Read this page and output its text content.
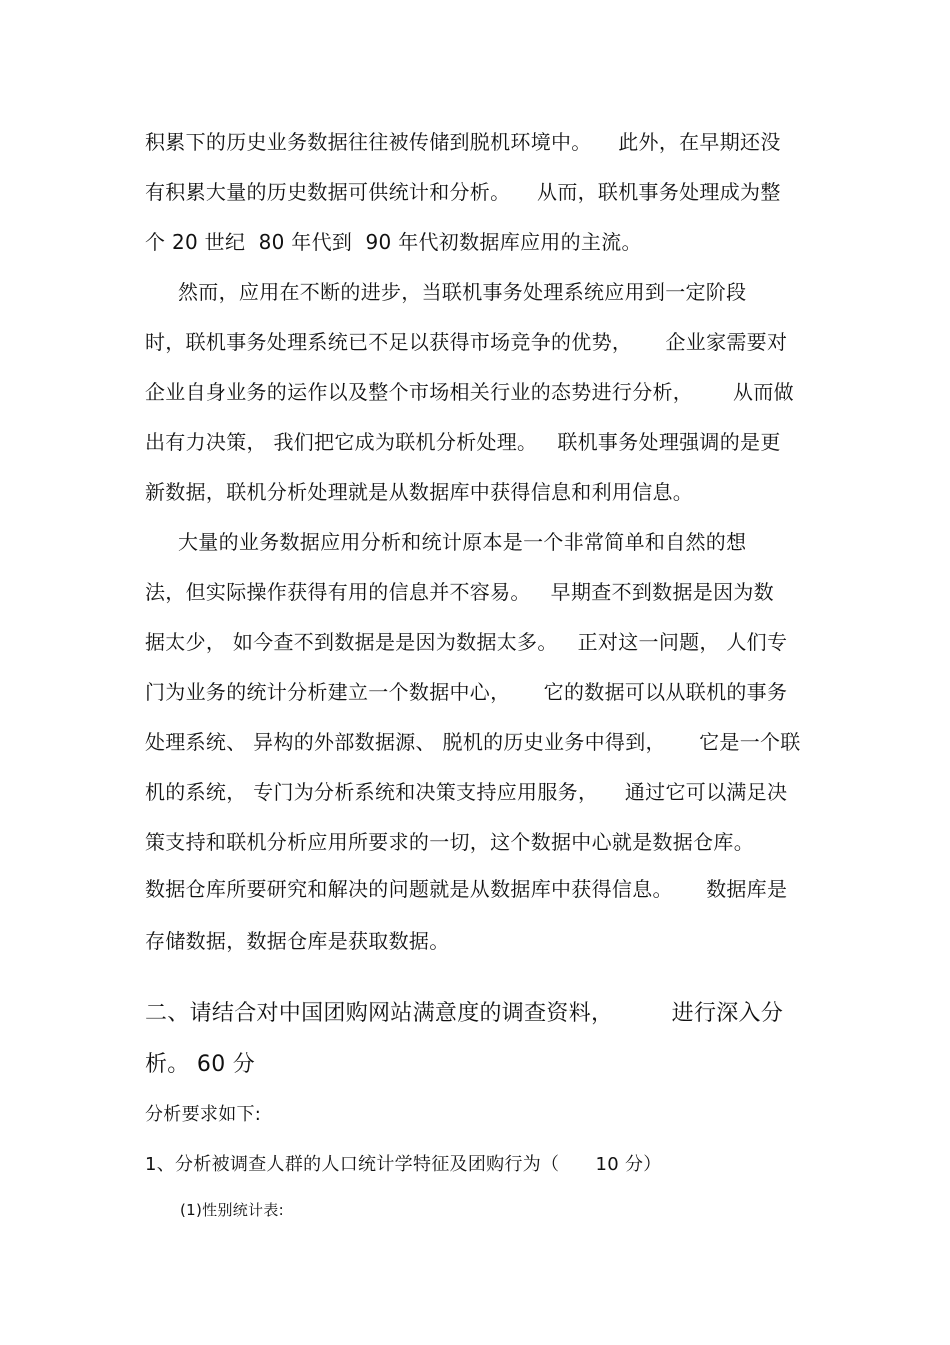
积累下的历史业务数据往往被传储到脱机环境中。    此外，在早期还没
有积累大量的历史数据可供统计和分析。    从而，联机事务处理成为整
个 20 世纪  80 年代到  90 年代初数据库应用的主流。
然而，应用在不断的进步，当联机事务处理系统应用到一定阶段
时，联机事务处理系统已不足以获得市场竞争的优势，     企业家需要对
企业自身业务的运作以及整个市场相关行业的态势进行分析，      从而做
出有力决策， 我们把它成为联机分析处理。   联机事务处理强调的是更
新数据，联机分析处理就是从数据库中获得信息和利用信息。
大量的业务数据应用分析和统计原本是一个非常简单和自然的想
法，但实际操作获得有用的信息并不容易。   早期查不到数据是因为数
据太少， 如今查不到数据是是因为数据太多。   正对这一问题， 人们专
门为业务的统计分析建立一个数据中心，     它的数据可以从联机的事务
处理系统、 异构的外部数据源、 脱机的历史业务中得到，     它是一个联
机的系统， 专门为分析系统和决策支持应用服务，    通过它可以满足决
策支持和联机分析应用所要求的一切，这个数据中心就是数据仓库。
数据仓库所要研究和解决的问题就是从数据库中获得信息。     数据库是
存储数据，数据仓库是获取数据。
二、请结合对中国团购网站满意度的调查资料，        进行深入分
析。 60 分
分析要求如下:
1、分析被调查人群的人口统计学特征及团购行为（      10 分）
(1)性别统计表:
